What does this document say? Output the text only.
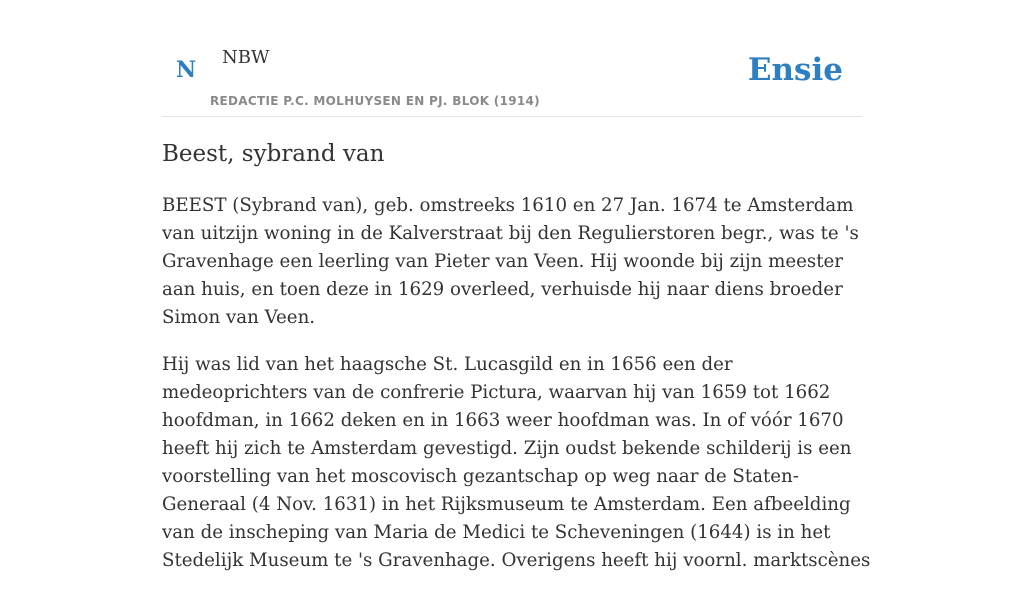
N NBW
REDACTIE P.C. MOLHUYSEN EN PJ. BLOK (1914)
Ensie
Beest, sybrand van

BEEST (Sybrand van), geb. omstreeks 1610 en 27 Jan. 1674 te Amsterdam van uitzijn woning in de Kalverstraat bij den Regulierstoren begr., was te 's Gravenhage een leerling van Pieter van Veen. Hij woonde bij zijn meester aan huis, en toen deze in 1629 overleed, verhuisde hij naar diens broeder Simon van Veen.

Hij was lid van het haagsche St. Lucasgild en in 1656 een der medeoprichters van de confrerie Pictura, waarvan hij van 1659 tot 1662 hoofdman, in 1662 deken en in 1663 weer hoofdman was. In of vóór 1670 heeft hij zich te Amsterdam gevestigd. Zijn oudst bekende schilderij is een voorstelling van het moscovisch gezantschap op weg naar de Staten-Generaal (4 Nov. 1631) in het Rijksmuseum te Amsterdam. Een afbeelding van de inscheping van Maria de Medici te Scheveningen (1644) is in het Stedelijk Museum te 's Gravenhage. Overigens heeft hij voornl. marktscènes
